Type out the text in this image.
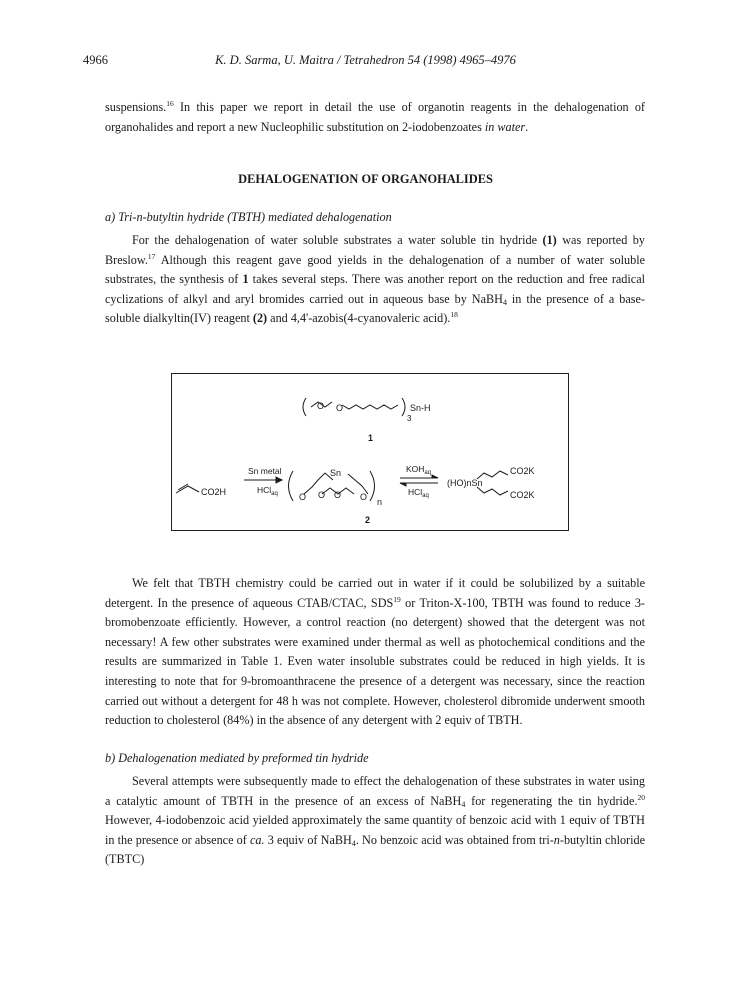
4966	K. D. Sarma, U. Maitra / Tetrahedron 54 (1998) 4965–4976

suspensions.$^{16}$ In this paper we report in detail the use of organotin reagents in the dehalogenation of organohalides and report a new Nucleophilic substitution on 2-iodobenzoates in water.

DEHALOGENATION OF ORGANOHALIDES
a) Tri-n-butyltin hydride (TBTH) mediated dehalogenation

For the dehalogenation of water soluble substrates a water soluble tin hydride (1) was reported by Breslow.$^{17}$ Although this reagent gave good yields in the dehalogenation of a number of water soluble substrates, the synthesis of 1 takes several steps. There was another report on the reduction and free radical cyclizations of alkyl and aryl bromides carried out in aqueous base by NaBH$_4$ in the presence of a base-soluble dialkyltin(IV) reagent (2) and 4,4'-azobis(4-cyanovaleric acid).$^{18}$

O O	Sn-H
3
1
CO2H
Sn metal
HCl$_{aq}$
Sn
O O O O n
2
$KOH_{aq}$
HCl$_{aq}$
(HO)nSn
CO2K
CO2K

We felt that TBTH chemistry could be carried out in water if it could be solubilized by a suitable detergent. In the presence of aqueous CTAB/CTAC, SDS$^{19}$ or Triton-X-100, TBTH was found to reduce 3-bromobenzoate efficiently. However, a control reaction (no detergent) showed that the detergent was not necessary! A few other substrates were examined under thermal as well as photochemical conditions and the results are summarized in Table 1. Even water insoluble substrates could be reduced in high yields. It is interesting to note that for 9-bromoanthracene the presence of a detergent was necessary, since the reaction carried out without a detergent for 48 h was not complete. However, cholesterol dibromide underwent smooth reduction to cholesterol (84%) in the absence of any detergent with 2 equiv of TBTH.

b) Dehalogenation mediated by preformed tin hydride

Several attempts were subsequently made to effect the dehalogenation of these substrates in water using a catalytic amount of TBTH in the presence of an excess of NaBH$_4$ for regenerating the tin hydride.$^{20}$ However, 4-iodobenzoic acid yielded approximately the same quantity of benzoic acid with 1 equiv of TBTH in the presence or absence of ca. 3 equiv of NaBH$_4$. No benzoic acid was obtained from tri-n-butyltin chloride (TBTC)
